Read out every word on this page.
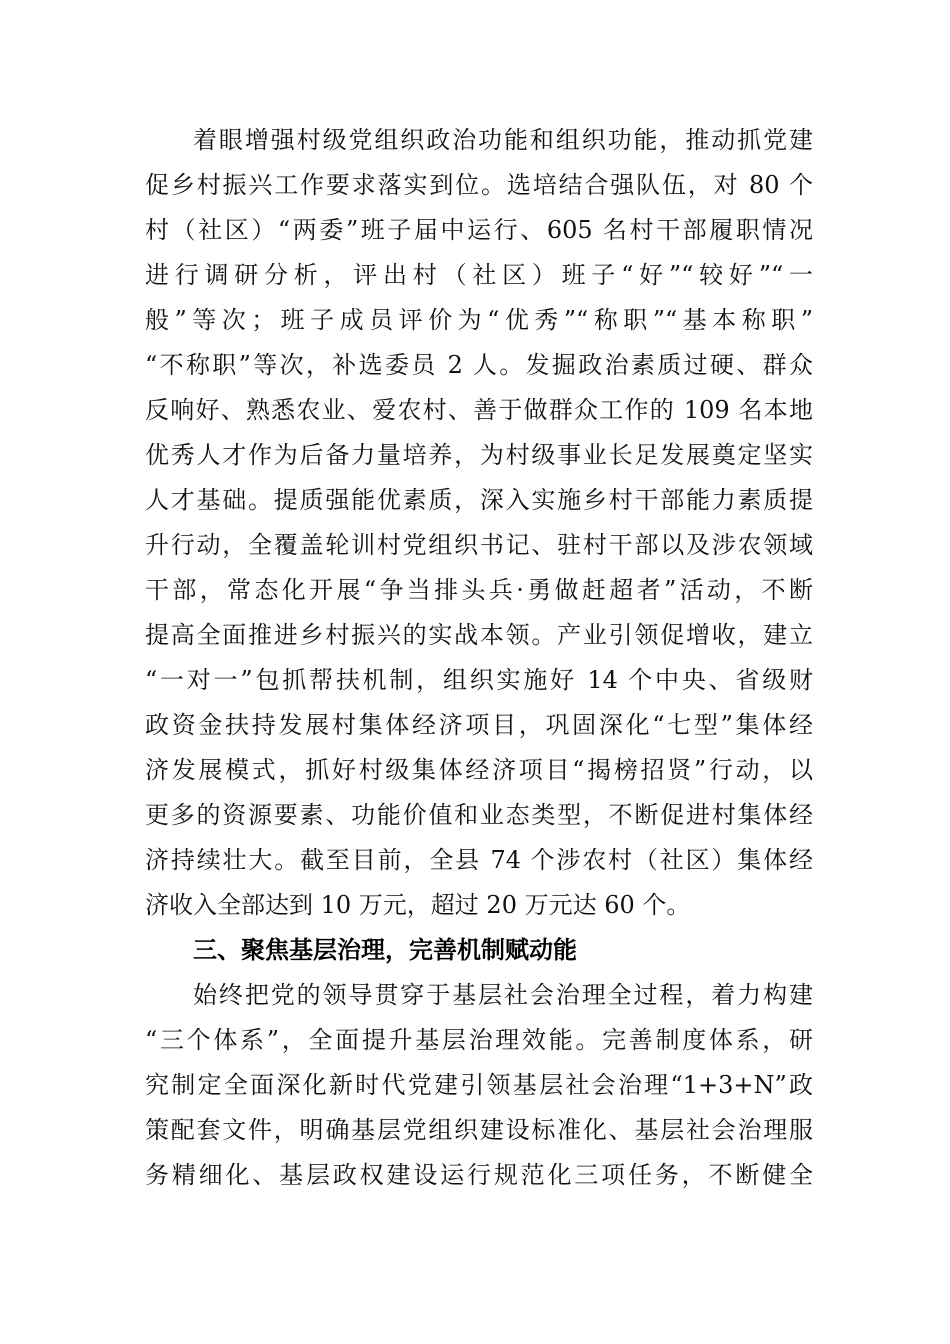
着眼增强村级党组织政治功能和组织功能，推动抓党建
促乡村振兴工作要求落实到位。选培结合强队伍，对 80 个
村（社区）“两委”班子届中运行、605 名村干部履职情况
进行调研分析，评出村（社区）班子“好”“较好”“一
般”等次；班子成员评价为“优秀”“称职”“基本称职”
“不称职”等次，补选委员 2 人。发掘政治素质过硬、群众
反响好、熟悉农业、爱农村、善于做群众工作的 109 名本地
优秀人才作为后备力量培养，为村级事业长足发展奠定坚实
人才基础。提质强能优素质，深入实施乡村干部能力素质提
升行动，全覆盖轮训村党组织书记、驻村干部以及涉农领域
干部，常态化开展“争当排头兵·勇做赶超者”活动，不断
提高全面推进乡村振兴的实战本领。产业引领促增收，建立
“一对一”包抓帮扶机制，组织实施好 14 个中央、省级财
政资金扶持发展村集体经济项目，巩固深化“七型”集体经
济发展模式，抓好村级集体经济项目“揭榜招贤”行动，以
更多的资源要素、功能价值和业态类型，不断促进村集体经
济持续壮大。截至目前，全县 74 个涉农村（社区）集体经
济收入全部达到 10 万元，超过 20 万元达 60 个。
三、聚焦基层治理，完善机制赋动能
始终把党的领导贯穿于基层社会治理全过程，着力构建
“三个体系”，全面提升基层治理效能。完善制度体系，研
究制定全面深化新时代党建引领基层社会治理“1+3+N”政
策配套文件，明确基层党组织建设标准化、基层社会治理服
务精细化、基层政权建设运行规范化三项任务，不断健全
